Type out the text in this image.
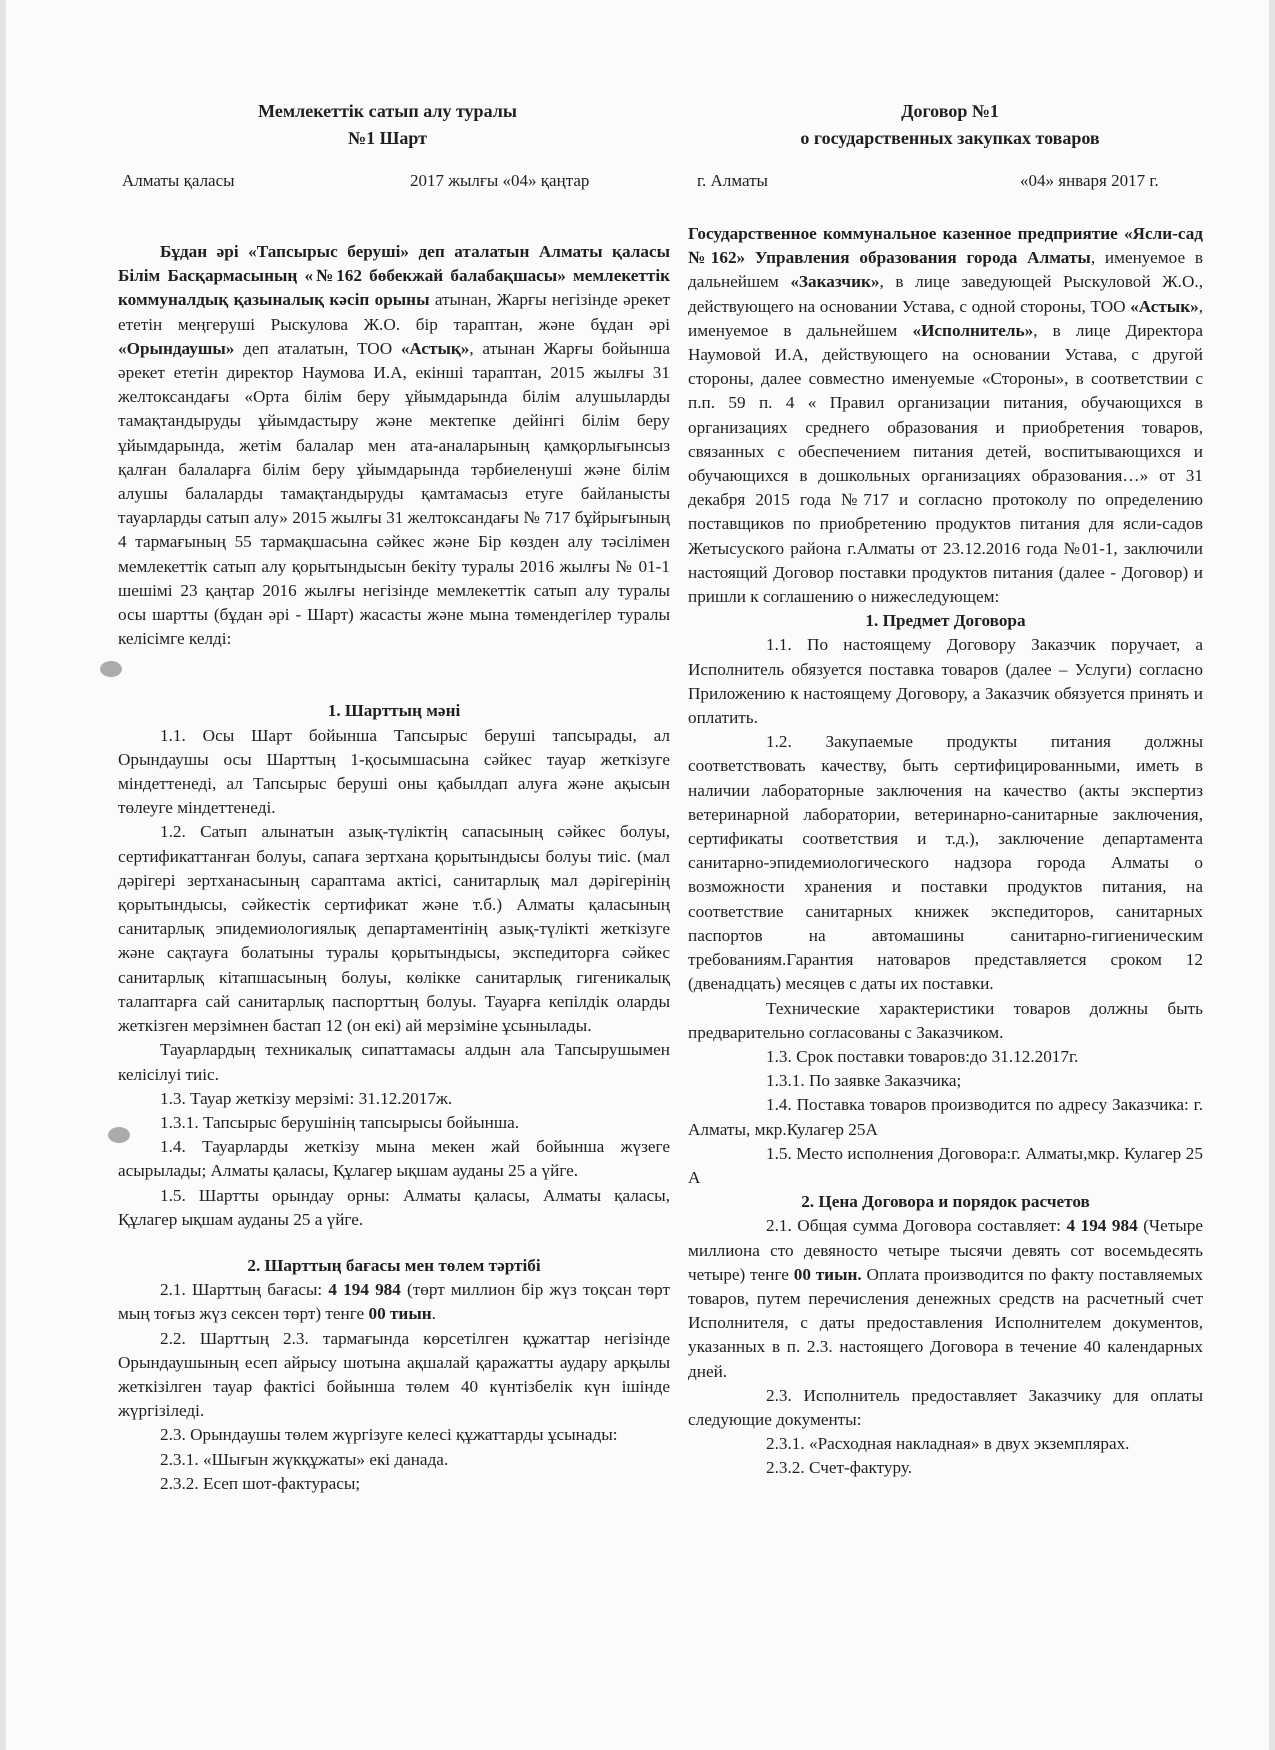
Мемлекеттік сатып алу туралы
№1 Шарт
Договор №1
о государственных закупках товаров
Алматы қаласы	2017 жылғы «04» қаңтар	г. Алматы	«04» января 2017 г.

Бұдан әрі «Тапсырыс беруші» деп аталатын Алматы қаласы Білім Басқармасының «№162 бөбекжай балабақшасы» мемлекеттік коммуналдық қазыналық кәсіп орыны атынан, Жарғы негізінде әрекет ететін меңгеруші Рыскулова Ж.О. бір тараптан, және бұдан әрі «Орындаушы» деп аталатын, ТОО «Астық», атынан Жарғы бойынша әрекет ететін директор Наумова И.А, екінші тараптан, 2015 жылғы 31 желтоксандағы «Орта білім беру ұйымдарында білім алушыларды тамақтандыруды ұйымдастыру және мектепке дейінгі білім беру ұйымдарында, жетім балалар мен ата-аналарының қамқорлығынсыз қалған балаларға білім беру ұйымдарында тәрбиеленуші және білім алушы балаларды тамақтандыруды қамтамасыз етуге байланысты тауарларды сатып алу» 2015 жылғы 31 желтоксандағы № 717 бұйрығының 4 тармағының 55 тармақшасына сәйкес және Бір көзден алу тәсілімен мемлекеттік сатып алу қорытындысын бекіту туралы 2016 жылғы № 01-1 шешімі 23 қаңтар 2016 жылғы негізінде мемлекеттік сатып алу туралы осы шартты (бұдан әрі - Шарт) жасасты және мына төмендегілер туралы келісімге келді:

1. Шарттың мәні

1.1. Осы Шарт бойынша Тапсырыс беруші тапсырады, ал Орындаушы осы Шарттың 1-қосымшасына сәйкес тауар жеткізуге міндеттенеді, ал Тапсырыс беруші оны қабылдап алуға және ақысын төлеуге міндеттенеді.

1.2. Сатып алынатын азық-түліктің сапасының сәйкес болуы, сертификаттанған болуы, сапаға зертхана қорытындысы болуы тиіс. (мал дәрігері зертханасының сараптама актісі, санитарлық мал дәрігерінің қорытындысы, сәйкестік сертификат және т.б.) Алматы қаласының санитарлық эпидемиологиялық департаментінің азық-түлікті жеткізуге және сақтауға болатыны туралы қорытындысы, экспедиторға сәйкес санитарлық кітапшасының болуы, көлікке санитарлық гигеникалық талаптарға сай санитарлық паспорттың болуы. Тауарға кепілдік оларды жеткізген мерзімнен бастап 12 (он екі) ай мерзіміне ұсынылады.

Тауарлардың техникалық сипаттамасы алдын ала Тапсырушымен келісілуі тиіс.

1.3. Тауар жеткізу мерзімі: 31.12.2017ж.

1.3.1. Тапсырыс берушінің тапсырысы бойынша.

1.4. Тауарларды жеткізу мына мекен жай бойынша жүзеге асырылады; Алматы қаласы, Құлагер ықшам ауданы 25 а үйге.

1.5. Шартты орындау орны: Алматы қаласы, Алматы қаласы, Құлагер ықшам ауданы 25 а үйге.

2. Шарттың бағасы мен төлем тәртібі

2.1. Шарттың бағасы: 4 194 984 (төрт миллион бір жүз тоқсан төрт мың тоғыз жүз сексен төрт) тенге 00 тиын.

2.2. Шарттың 2.3. тармағында көрсетілген құжаттар негізінде Орындаушының есеп айрысу шотына ақшалай қаражатты аудару арқылы жеткізілген тауар фактісі бойынша төлем 40 күнтізбелік күн ішінде жүргізіледі.

2.3. Орындаушы төлем жүргізуге келесі құжаттарды ұсынады:

2.3.1. «Шығын жүкқұжаты» екі данада.

2.3.2. Есеп шот-фактурасы;

Государственное коммунальное казенное предприятие «Ясли-сад №162» Управления образования города Алматы, именуемое в дальнейшем «Заказчик», в лице заведующей Рыскуловой Ж.О., действующего на основании Устава, с одной стороны, ТОО «Астык», именуемое в дальнейшем «Исполнитель», в лице Директора Наумовой И.А, действующего на основании Устава, с другой стороны, далее совместно именуемые «Стороны», в соответствии с п.п. 59 п. 4 « Правил организации питания, обучающихся в организациях среднего образования и приобретения товаров, связанных с обеспечением питания детей, воспитывающихся и обучающихся в дошкольных организациях образования…» от 31 декабря 2015 года №717 и согласно протоколу по определению поставщиков по приобретению продуктов питания для ясли-садов Жетысуского района г.Алматы от 23.12.2016 года №01-1, заключили настоящий Договор поставки продуктов питания (далее - Договор) и пришли к соглашению о нижеследующем:

1. Предмет Договора

1.1. По настоящему Договору Заказчик поручает, а Исполнитель обязуется поставка товаров (далее – Услуги) согласно Приложению к настоящему Договору, а Заказчик обязуется принять и оплатить.

1.2. Закупаемые продукты питания должны соответствовать качеству, быть сертифицированными, иметь в наличии лабораторные заключения на качество (акты экспертиз ветеринарной лаборатории, ветеринарно-санитарные заключения, сертификаты соответствия и т.д.), заключение департамента санитарно-эпидемиологического надзора города Алматы о возможности хранения и поставки продуктов питания, на соответствие санитарных книжек экспедиторов, санитарных паспортов на автомашины санитарно-гигиеническим требованиям.Гарантия натоваров представляется сроком 12 (двенадцать) месяцев с даты их поставки.

Технические характеристики товаров должны быть предварительно согласованы с Заказчиком.

1.3. Срок поставки товаров:до 31.12.2017г.

1.3.1. По заявке Заказчика;

1.4. Поставка товаров производится по адресу Заказчика: г. Алматы, мкр.Кулагер 25А

1.5. Место исполнения Договора:г. Алматы,мкр. Кулагер 25 А

2. Цена Договора и порядок расчетов

2.1. Общая сумма Договора составляет: 4 194 984 (Четыре миллиона сто девяносто четыре тысячи девять сот восемьдесять четыре) тенге 00 тиын. Оплата производится по факту поставляемых товаров, путем перечисления денежных средств на расчетный счет Исполнителя, с даты предоставления Исполнителем документов, указанных в п. 2.3. настоящего Договора в течение 40 календарных дней.

2.3. Исполнитель предоставляет Заказчику для оплаты следующие документы:

2.3.1. «Расходная накладная» в двух экземплярах.

2.3.2. Счет-фактуру.
